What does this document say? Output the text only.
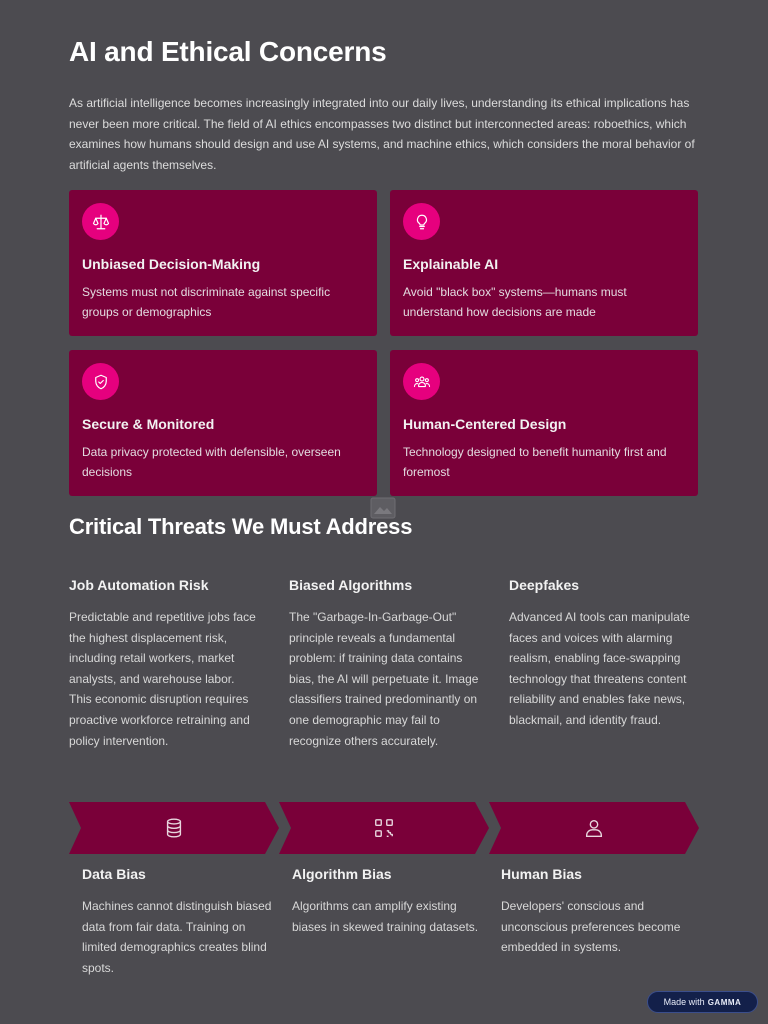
AI and Ethical Concerns

As artificial intelligence becomes increasingly integrated into our daily lives, understanding its ethical implications has never been more critical. The field of AI ethics encompasses two distinct but interconnected areas: roboethics, which examines how humans should design and use AI systems, and machine ethics, which considers the moral behavior of artificial agents themselves.

Unbiased Decision-Making
Systems must not discriminate against specific groups or demographics
Explainable AI
Avoid "black box" systems—humans must understand how decisions are made
Secure & Monitored
Data privacy protected with defensible, overseen decisions
Human-Centered Design
Technology designed to benefit humanity first and foremost
Critical Threats We Must Address
Job Automation Risk
Predictable and repetitive jobs face the highest displacement risk, including retail workers, market analysts, and warehouse labor. This economic disruption requires proactive workforce retraining and policy intervention.
Biased Algorithms
The "Garbage-In-Garbage-Out" principle reveals a fundamental problem: if training data contains bias, the AI will perpetuate it. Image classifiers trained predominantly on one demographic may fail to recognize others accurately.
Deepfakes
Advanced AI tools can manipulate faces and voices with alarming realism, enabling face-swapping technology that threatens content reliability and enables fake news, blackmail, and identity fraud.
Data Bias
Machines cannot distinguish biased data from fair data. Training on limited demographics creates blind spots.
Algorithm Bias
Algorithms can amplify existing biases in skewed training datasets.
Human Bias
Developers' conscious and unconscious preferences become embedded in systems.
Made with GAMMA
